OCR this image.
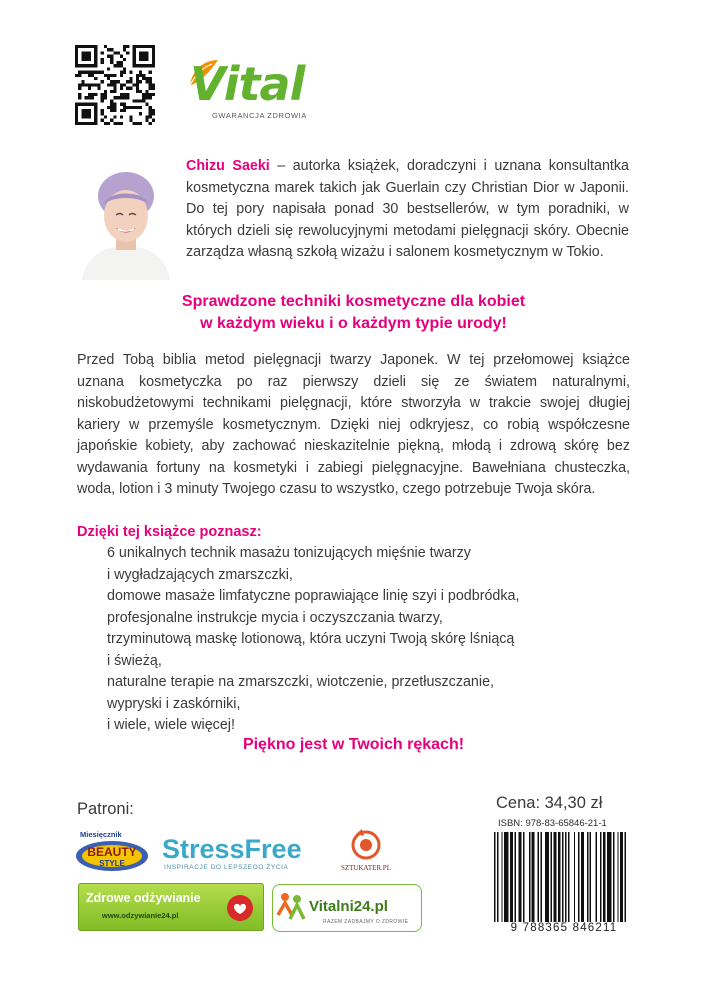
Vital
GWARANCJA ZDROWIA

Chizu Saeki – autorka książek, doradczyni i uznana konsultantka kosmetyczna marek takich jak Guerlain czy Christian Dior w Japonii. Do tej pory napisała ponad 30 bestsellerów, w tym poradniki, w których dzieli się rewolucyjnymi metodami pielęgnacji skóry. Obecnie zarządza własną szkołą wizażu i salonem kosmetycznym w Tokio.

Sprawdzone techniki kosmetyczne dla kobiet
w każdym wieku i o każdym typie urody!

Przed Tobą biblia metod pielęgnacji twarzy Japonek. W tej przełomowej książce uznana kosmetyczka po raz pierwszy dzieli się ze światem naturalnymi, niskobudżetowymi technikami pielęgnacji, które stworzyła w trakcie swojej długiej kariery w przemyśle kosmetycznym. Dzięki niej odkryjesz, co robią współczesne japońskie kobiety, aby zachować nieskazitelnie piękną, młodą i zdrową skórę bez wydawania fortuny na kosmetyki i zabiegi pielęgnacyjne. Bawełniana chusteczka, woda, lotion i 3 minuty Twojego czasu to wszystko, czego potrzebuje Twoja skóra.

Dzięki tej książce poznasz:
6 unikalnych technik masażu tonizujących mięśnie twarzy
i wygładzających zmarszczki,
domowe masaże limfatyczne poprawiające linię szyi i podbródka,
profesjonalne instrukcje mycia i oczyszczania twarzy,
trzyminutową maskę lotionową, która uczyni Twoją skórę lśniącą
i świeżą,
naturalne terapie na zmarszczki, wiotczenie, przetłuszczanie,
wypryski i zaskórniki,
i wiele, wiele więcej!
Piękno jest w Twoich rękach!
Patroni:
Miesięcznik
BEAUTY
STYLE StressFree
INSPIRACJE DO LEPSZEGO ŻYCIA	SZTUKATER.PL
Zdrowe odżywianie
www.odzywianie24.pl
Vitalni24.pl
RAZEM ZADBAJMY O ZDROWIE
Cena: 34,30 zł
ISBN: 978-83-65846-21-1
9 788365 846211
